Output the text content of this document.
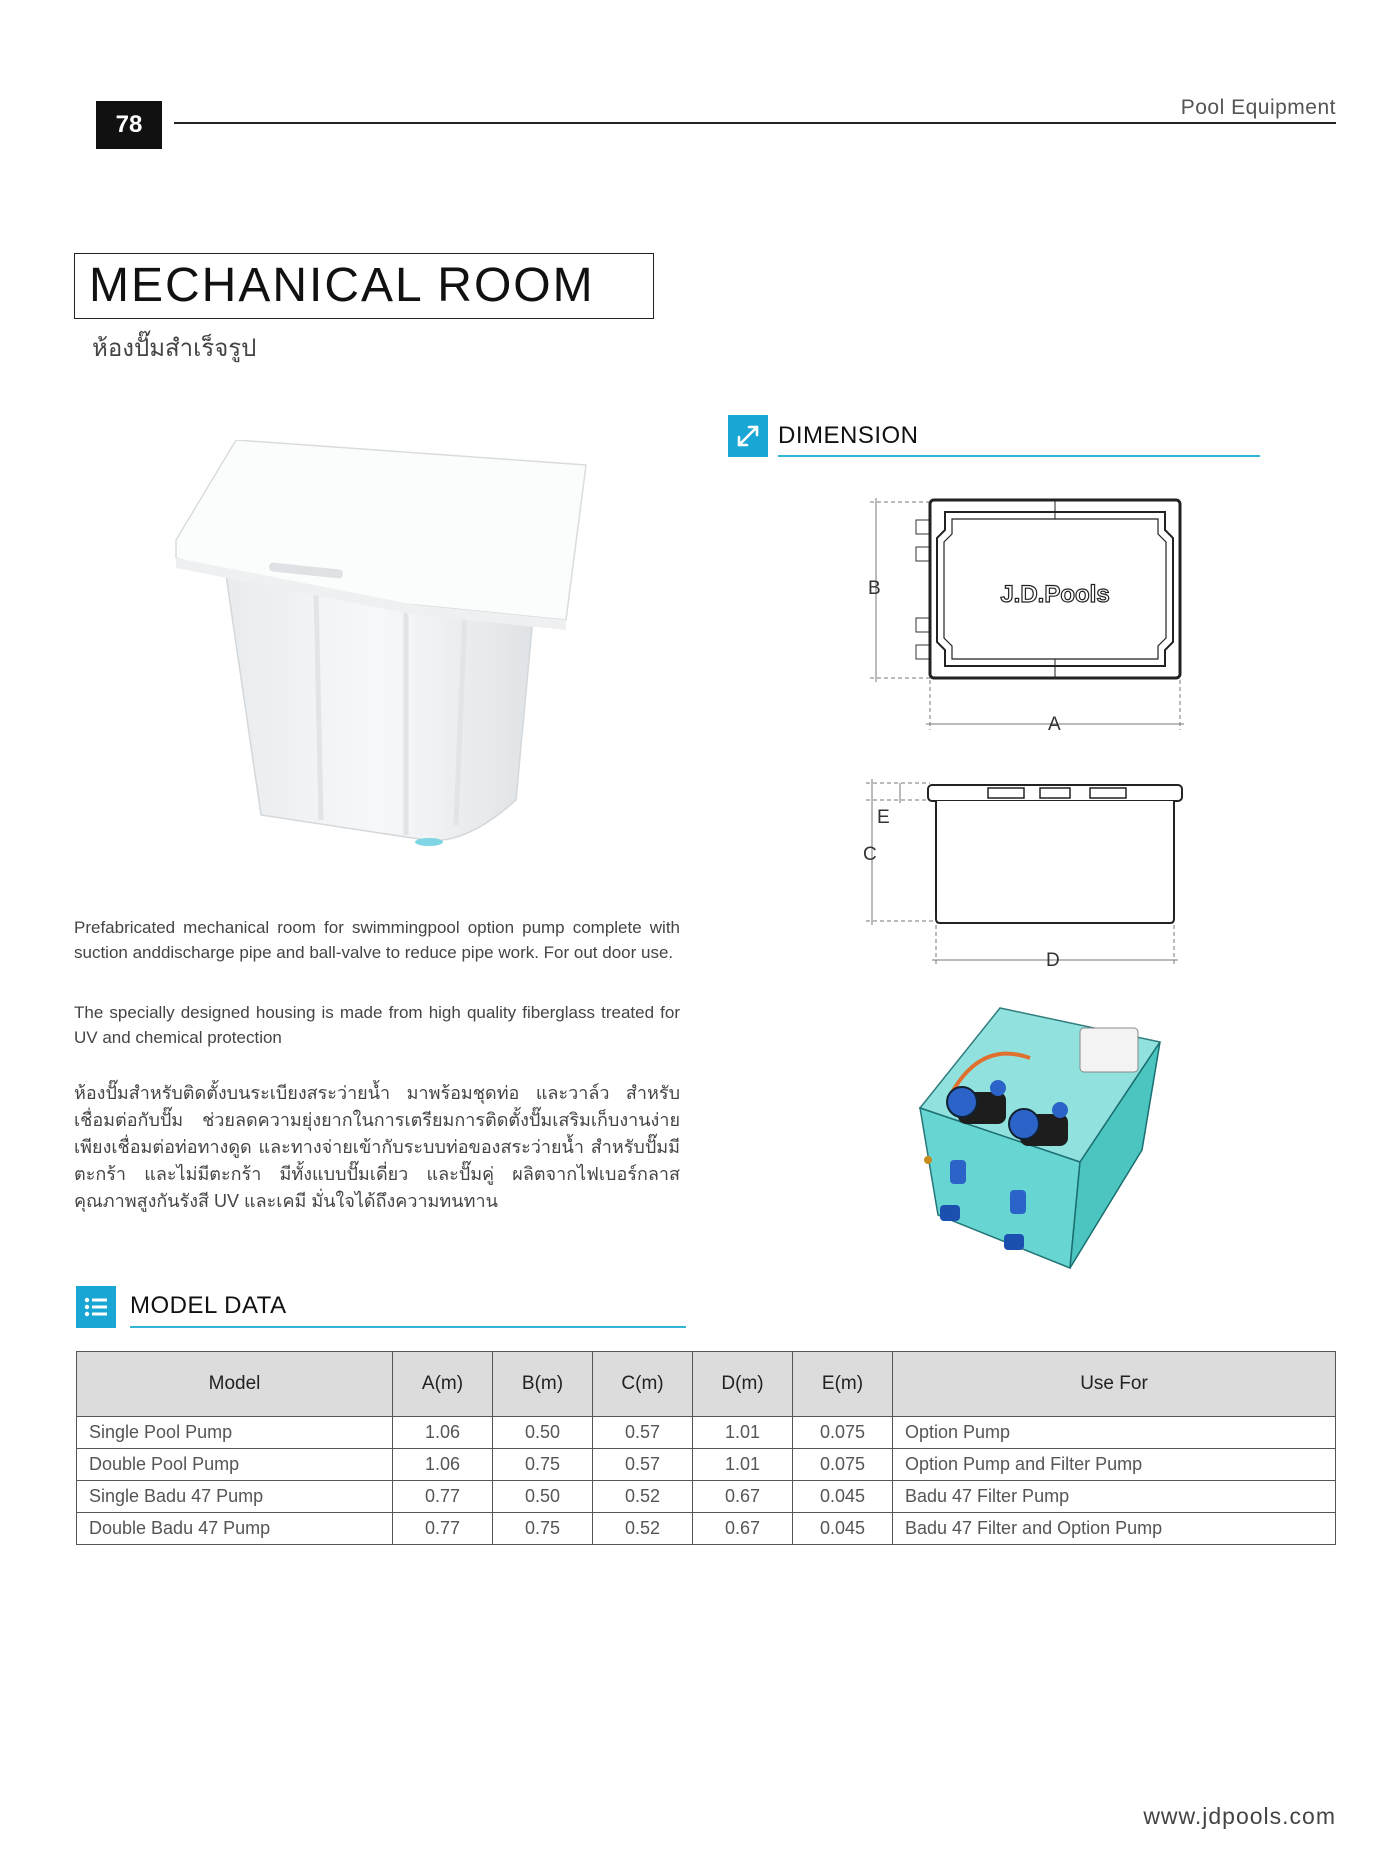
78
Pool Equipment
MECHANICAL ROOM
ห้องปั๊มสำเร็จรูป
DIMENSION
J.D.Pools
B
A
E
C
D
Prefabricated mechanical room for swimmingpool option pump complete with suction anddischarge pipe and ball-valve to reduce pipe work. For out door use.
The specially designed housing is made from high quality fiberglass treated for UV and chemical protection
ห้องปั๊มสำหรับติดตั้งบนระเบียงสระว่ายน้ำ มาพร้อมชุดท่อ และวาล์ว สำหรับเชื่อมต่อกับปั๊ม ช่วยลดความยุ่งยากในการเตรียมการติดตั้งปั๊มเสริมเก็บงานง่ายเพียงเชื่อมต่อท่อทางดูด และทางจ่ายเข้ากับระบบท่อของสระว่ายน้ำ สำหรับปั๊มมีตะกร้า และไม่มีตะกร้า มีทั้งแบบปั๊มเดี่ยว และปั๊มคู่ ผลิตจากไฟเบอร์กลาสคุณภาพสูงกันรังสี UV และเคมี มั่นใจได้ถึงความทนทาน
MODEL DATA
Model	A(m)	B(m)	C(m)	D(m)	E(m)	Use For
Single Pool Pump	1.06	0.50	0.57	1.01	0.075	Option Pump
Double Pool Pump	1.06	0.75	0.57	1.01	0.075	Option Pump and Filter Pump
Single Badu 47 Pump	0.77	0.50	0.52	0.67	0.045	Badu 47 Filter Pump
Double Badu 47 Pump	0.77	0.75	0.52	0.67	0.045	Badu 47 Filter and Option Pump
www.jdpools.com
